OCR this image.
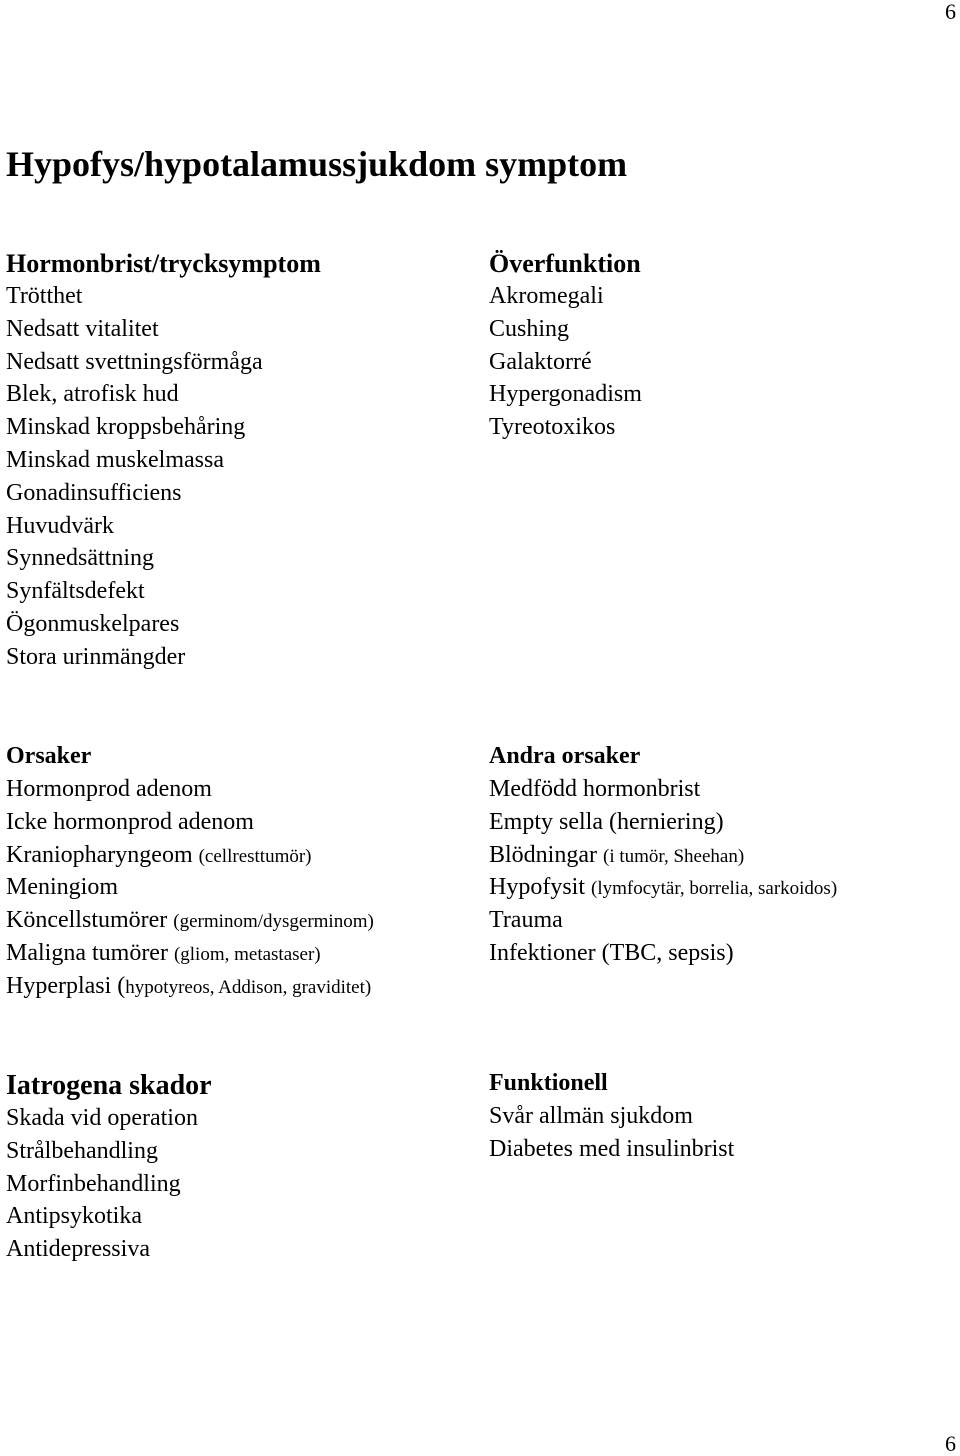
6
Hypofys/hypotalamussjukdom symptom
Hormonbrist/trycksymptom
Trötthet
Nedsatt vitalitet
Nedsatt svettningsförmåga
Blek, atrofisk hud
Minskad kroppsbehåring
Minskad muskelmassa
Gonadinsufficiens
Huvudvärk
Synnedsättning
Synfältsdefekt
Ögonmuskelpares
Stora urinmängder
Överfunktion
Akromegali
Cushing
Galaktorré
Hypergonadism
Tyreotoxikos
Orsaker
Hormonprod adenom
Icke hormonprod adenom
Kraniopharyngeom (cellresttumör)
Meningiom
Köncellstumörer (germinom/dysgerminom)
Maligna tumörer (gliom, metastaser)
Hyperplasi (hypotyreos, Addison, graviditet)
Andra orsaker
Medfödd hormonbrist
Empty sella (herniering)
Blödningar (i tumör, Sheehan)
Hypofysit (lymfocytär, borrelia, sarkoidos)
Trauma
Infektioner (TBC, sepsis)
Iatrogena skador
Skada vid operation
Strålbehandling
Morfinbehandling
Antipsykotika
Antidepressiva
Funktionell
Svår allmän sjukdom
Diabetes med insulinbrist
6
